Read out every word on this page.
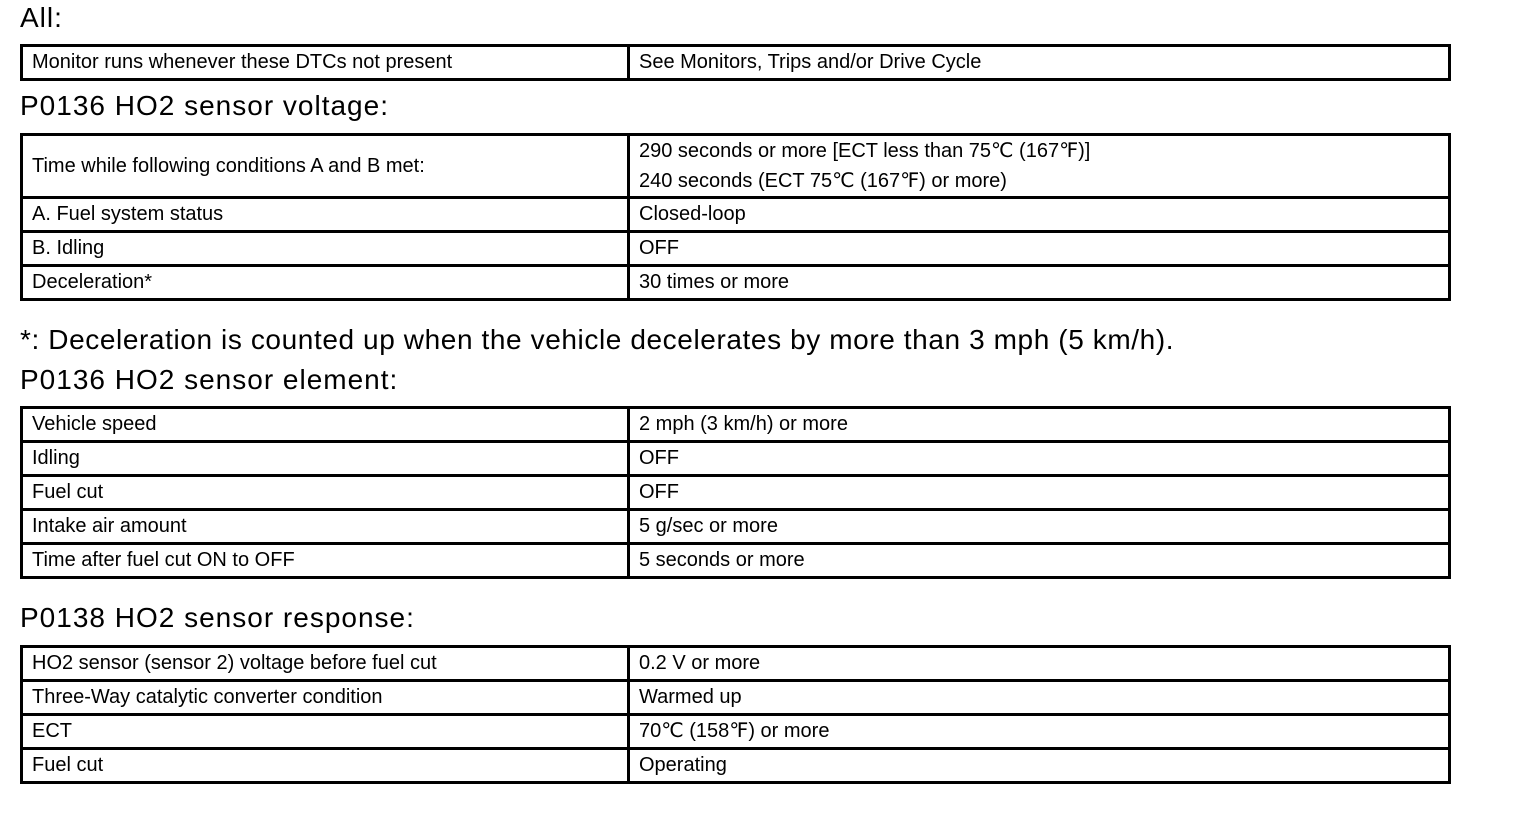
All:
Monitor runs whenever these DTCs not present	See Monitors, Trips and/or Drive Cycle
P0136 HO2 sensor voltage:
Time while following conditions A and B met:	290 seconds or more [ECT less than 75℃ (167℉)]
240 seconds (ECT 75℃ (167℉) or more)

A. Fuel system status	Closed-loop
B. Idling	OFF
Deceleration*	30 times or more

*: Deceleration is counted up when the vehicle decelerates by more than 3 mph (5 km/h).

P0136 HO2 sensor element:
Vehicle speed	2 mph (3 km/h) or more
Idling	OFF
Fuel cut	OFF
Intake air amount	5 g/sec or more
Time after fuel cut ON to OFF	5 seconds or more
P0138 HO2 sensor response:
HO2 sensor (sensor 2) voltage before fuel cut	0.2 V or more
Three-Way catalytic converter condition	Warmed up
ECT	70℃ (158℉) or more
Fuel cut	Operating
